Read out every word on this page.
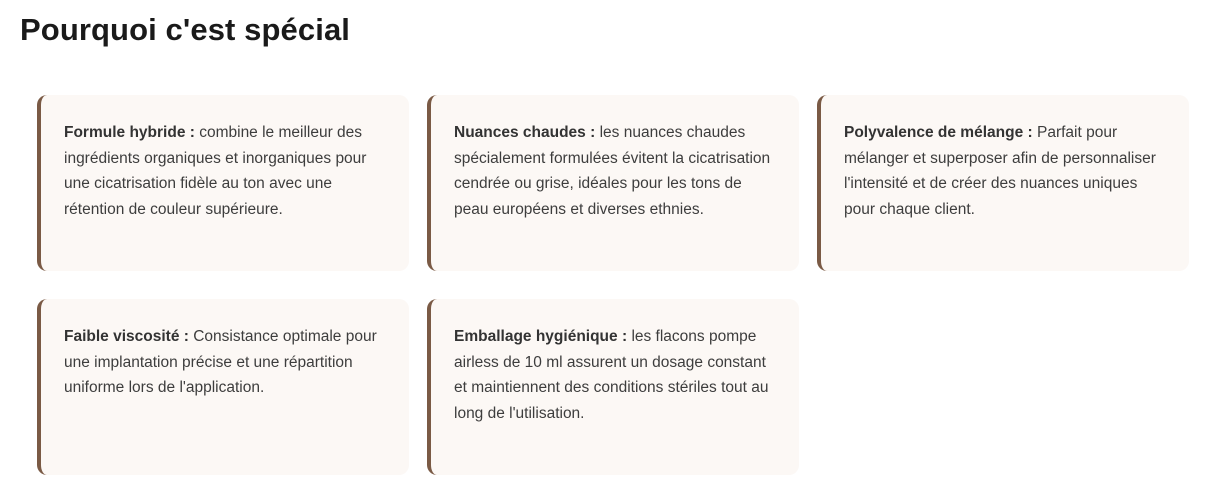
Pourquoi c'est spécial
Formule hybride : combine le meilleur des ingrédients organiques et inorganiques pour une cicatrisation fidèle au ton avec une rétention de couleur supérieure.
Nuances chaudes : les nuances chaudes spécialement formulées évitent la cicatrisation cendrée ou grise, idéales pour les tons de peau européens et diverses ethnies.
Polyvalence de mélange : Parfait pour mélanger et superposer afin de personnaliser l'intensité et de créer des nuances uniques pour chaque client.
Faible viscosité : Consistance optimale pour une implantation précise et une répartition uniforme lors de l'application.
Emballage hygiénique : les flacons pompe airless de 10 ml assurent un dosage constant et maintiennent des conditions stériles tout au long de l'utilisation.
